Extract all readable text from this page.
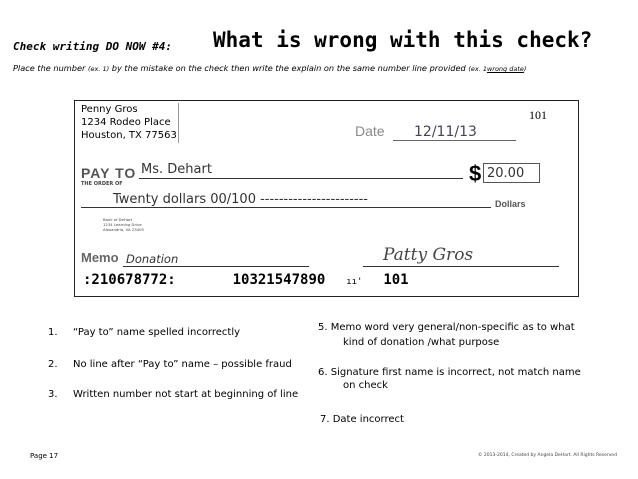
Check writing DO NOW #4: What is wrong with this check?
Place the number (ex. 1) by the mistake on the check then write the explain on the same number line provided (ex. 1wrong date)
Penny Gros
1234 Rodeo Place
Houston, TX 77563
101
Date 12/11/13
PAY TO
THE ORDER OF
Ms. Dehart	$ 20.00
Twenty dollars 00/100 -----------------------	Dollars
Bank of DeHart
1234 Learning Drive
Alexandria, VA 23405
Memo Donation	Patty Gros
:210678772:	10321547890 ıı' 101
1. “Pay to” name spelled incorrectly
2. No line after “Pay to” name – possible fraud
3. Written number not start at beginning of line
5. Memo word very general/non-specific as to what
kind of donation /what purpose
6. Signature first name is incorrect, not match name
on check
7. Date incorrect
Page 17	© 2013-2014, Created by Angela DeHart. All Rights Reserved
